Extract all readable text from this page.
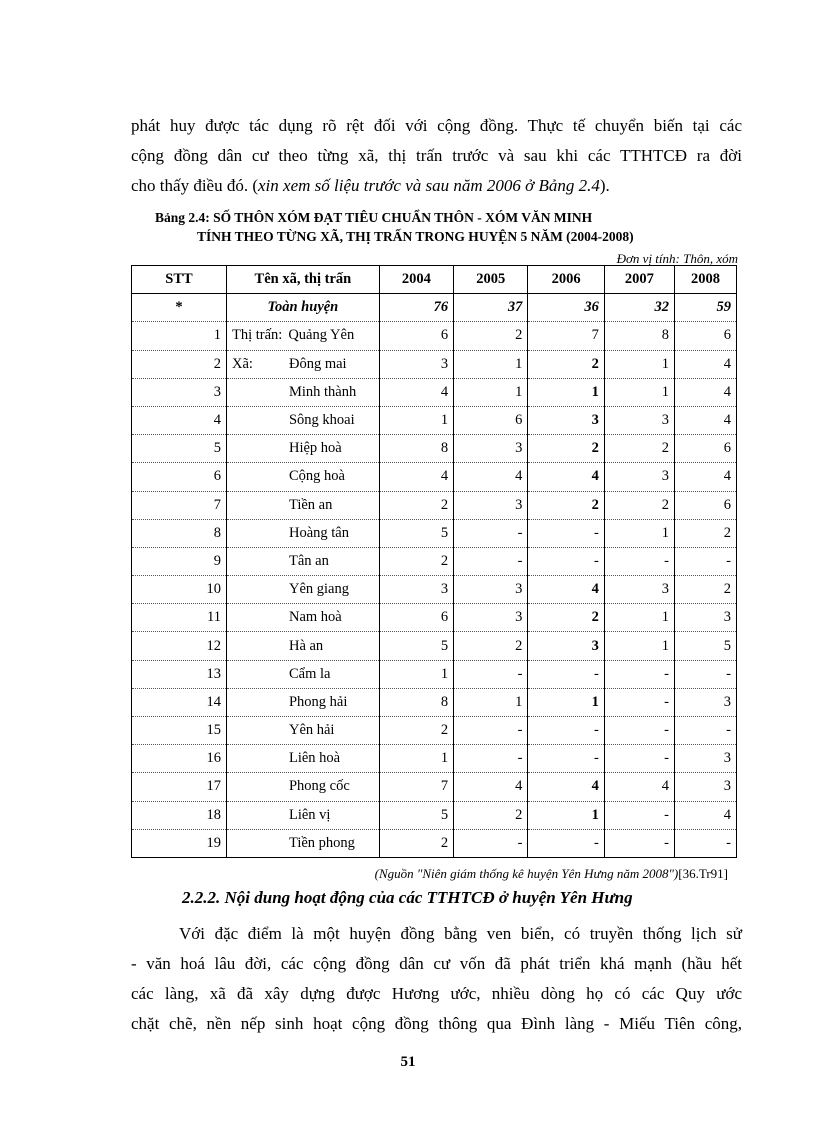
phát huy được tác dụng rõ rệt đối với cộng đồng. Thực tế chuyển biến tại các
cộng đồng dân cư theo từng xã, thị trấn trước và sau khi các TTHTCĐ ra đời
cho thấy điều đó. (xin xem số liệu trước và sau năm 2006 ở Bảng 2.4).
Bảng 2.4: SỐ THÔN XÓM ĐẠT TIÊU CHUẨN THÔN - XÓM VĂN MINH
TÍNH THEO TỪNG XÃ, THỊ TRẤN TRONG HUYỆN 5 NĂM (2004-2008)
Đơn vị tính: Thôn, xóm
STT	Tên xã, thị trấn	2004	2005	2006	2007	2008
*	Toàn huyện	76	37	36	32	59
1	Thị trấn: Quảng Yên	6	2	7	8	6
2	Xã: Đông mai	3	1	2	1	4
3	Minh thành	4	1	1	1	4
4	Sông khoai	1	6	3	3	4
5	Hiệp hoà	8	3	2	2	6
6	Cộng hoà	4	4	4	3	4
7	Tiền an	2	3	2	2	6
8	Hoàng tân	5	-	-	1	2
9	Tân an	2	-	-	-	-
10	Yên giang	3	3	4	3	2
11	Nam hoà	6	3	2	1	3
12	Hà an	5	2	3	1	5
13	Cẩm la	1	-	-	-	-
14	Phong hải	8	1	1	-	3
15	Yên hải	2	-	-	-	-
16	Liên hoà	1	-	-	-	3
17	Phong cốc	7	4	4	4	3
18	Liên vị	5	2	1	-	4
19	Tiền phong	2	-	-	-	-
(Nguồn "Niên giám thống kê huyện Yên Hưng năm 2008")[36.Tr91]
2.2.2. Nội dung hoạt động của các TTHTCĐ ở huyện Yên Hưng
Với đặc điểm là một huyện đồng bằng ven biển, có truyền thống lịch sử
- văn hoá lâu đời, các cộng đồng dân cư vốn đã phát triển khá mạnh (hầu hết
các làng, xã đã xây dựng được Hương ước, nhiều dòng họ có các Quy ước
chặt chẽ, nền nếp sinh hoạt cộng đồng thông qua Đình làng - Miếu Tiên công,
51
